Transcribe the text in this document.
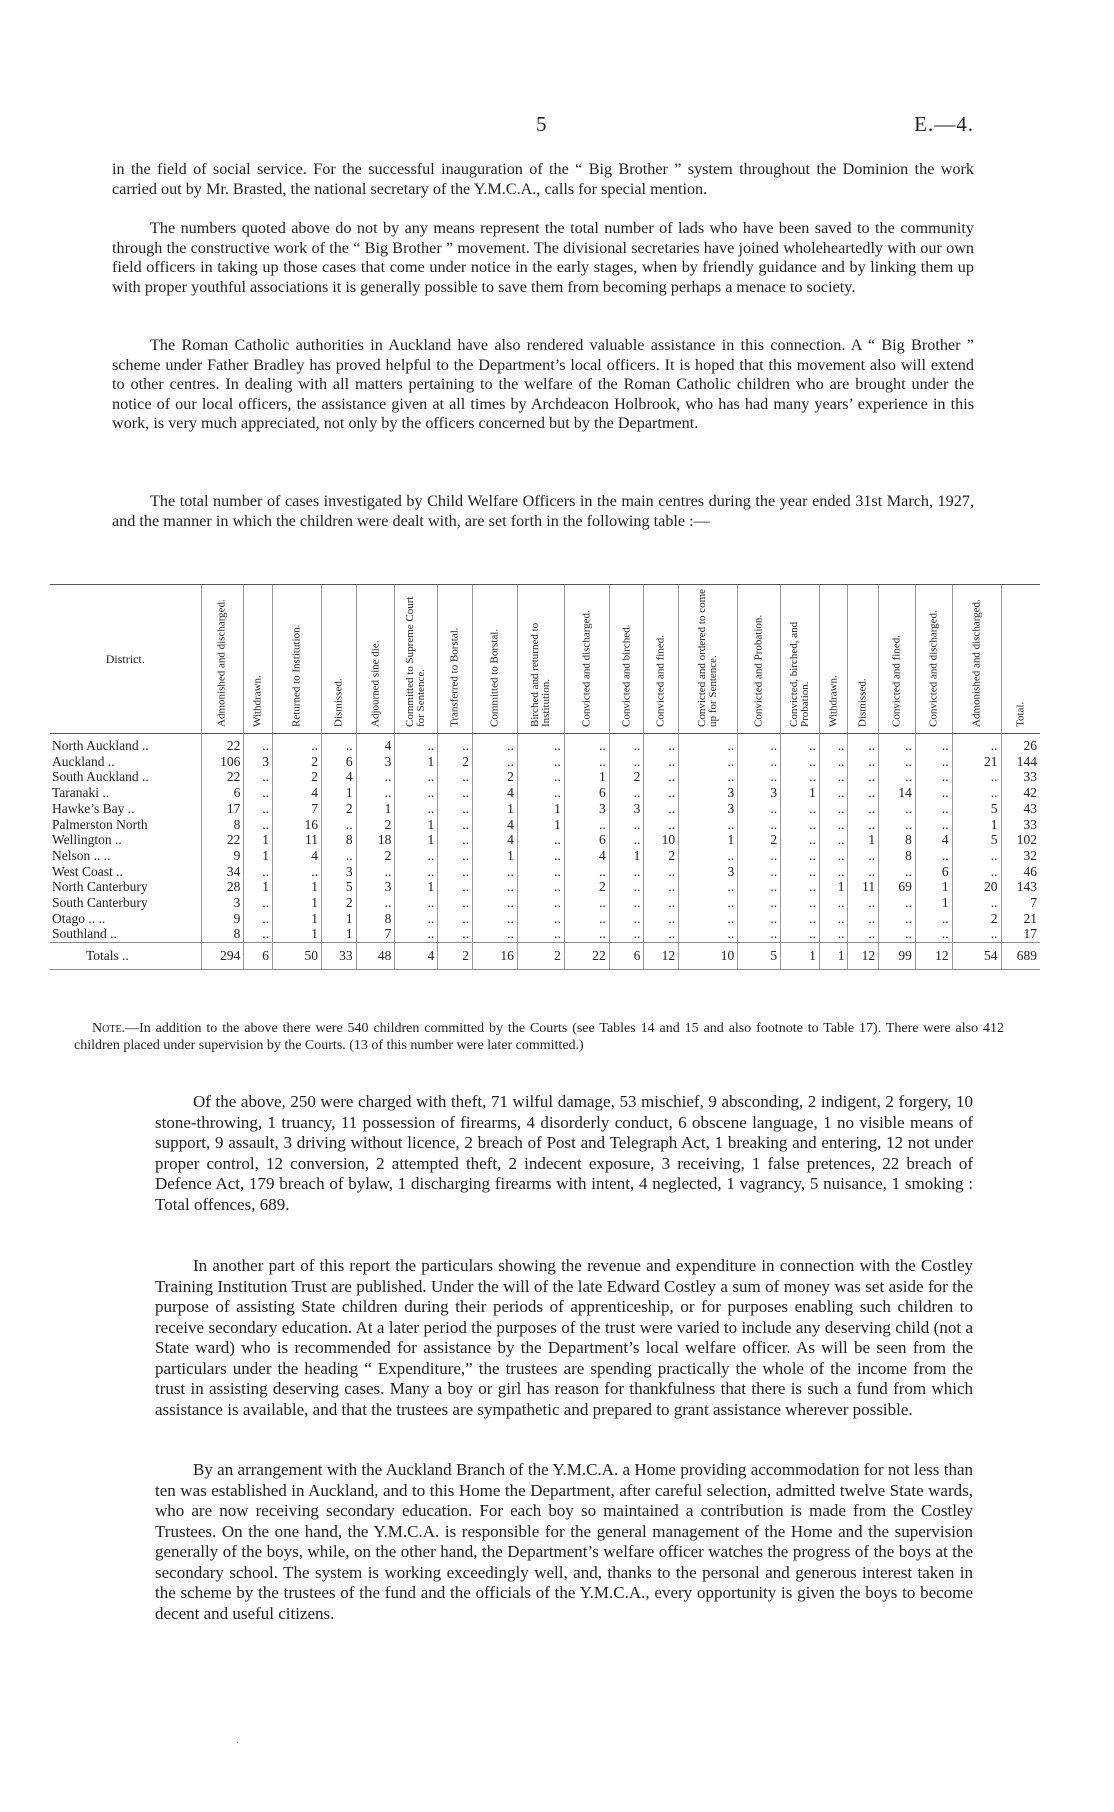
5	E.—4.

in the field of social service. For the successful inauguration of the “ Big Brother ” system throughout the Dominion the work carried out by Mr. Brasted, the national secretary of the Y.M.C.A., calls for special mention.

The numbers quoted above do not by any means represent the total number of lads who have been saved to the community through the constructive work of the “ Big Brother ” movement. The divisional secretaries have joined wholeheartedly with our own field officers in taking up those cases that come under notice in the early stages, when by friendly guidance and by linking them up with proper youthful associations it is generally possible to save them from becoming perhaps a menace to society.

The Roman Catholic authorities in Auckland have also rendered valuable assistance in this connection. A “ Big Brother ” scheme under Father Bradley has proved helpful to the Department’s local officers. It is hoped that this movement also will extend to other centres. In dealing with all matters pertaining to the welfare of the Roman Catholic children who are brought under the notice of our local officers, the assistance given at all times by Archdeacon Holbrook, who has had many years’ experience in this work, is very much appreciated, not only by the officers concerned but by the Department.

The total number of cases investigated by Child Welfare Officers in the main centres during the year ended 31st March, 1927, and the manner in which the children were dealt with, are set forth in the following table :—

District.	Admonished and discharged.	Withdrawn.	Returned to Institution.	Dismissed.	Adjourned sine die.	Committed to Supreme Court for Sentence.	Transferred to Borstal.	Committed to Borstal.	Birched and returned to Institution.	Convicted and discharged.	Convicted and birched.	Convicted and fined.	Convicted and ordered to come up for Sentence.	Convicted and Probation.	Convicted, birched, and Probation.	Withdrawn.	Dismissed.	Convicted and fined.	Convicted and discharged.	Admonished and discharged.	Total.

North Auckland ..	22	..	..	..	4	..	..	..	..	..	..	..	..	..	..	..	..	..	..	..	26
Auckland ..	106	3	2	6	3	1	2	..	..	..	..	..	..	..	..	..	..	..	..	21	144
South Auckland ..	22	..	2	4	..	..	..	2	..	1	2	..	..	..	..	..	..	..	..	..	33
Taranaki ..	6	..	4	1	..	..	..	4	..	6	..	..	3	3	1	..	..	14	..	..	42
Hawke’s Bay ..	17	..	7	2	1	..	..	1	1	3	3	..	3	..	..	..	..	..	..	5	43
Palmerston North	8	..	16	..	2	1	..	4	1	..	..	..	..	..	..	..	..	..	..	1	33
Wellington ..	22	1	11	8	18	1	..	4	..	6	..	10	1	2	..	..	1	8	4	5	102
Nelson .. ..	9	1	4	..	2	..	..	1	..	4	1	2	..	..	..	..	..	8	..	..	32
West Coast ..	34	..	..	3	..	..	..	..	..	..	..	..	3	..	..	..	..	..	6	..	46
North Canterbury	28	1	1	5	3	1	..	..	..	2	..	..	..	..	..	1	11	69	1	20	143
South Canterbury	3	..	1	2	..	..	..	..	..	..	..	..	..	..	..	..	..	..	1	..	7
Otago .. ..	9	..	1	1	8	..	..	..	..	..	..	..	..	..	..	..	..	..	..	2	21
Southland ..	8	..	1	1	7	..	..	..	..	..	..	..	..	..	..	..	..	..	..	..	17
Totals ..	294	6	50	33	48	4	2	16	2	22	6	12	10	5	1	1	12	99	12	54	689
Note.—In addition to the above there were 540 children committed by the Courts (see Tables 14 and 15 and also footnote to Table 17). There were also 412 children placed under supervision by the Courts. (13 of this number were later committed.)

Of the above, 250 were charged with theft, 71 wilful damage, 53 mischief, 9 absconding, 2 indigent, 2 forgery, 10 stone-throwing, 1 truancy, 11 possession of firearms, 4 disorderly conduct, 6 obscene language, 1 no visible means of support, 9 assault, 3 driving without licence, 2 breach of Post and Telegraph Act, 1 breaking and entering, 12 not under proper control, 12 conversion, 2 attempted theft, 2 indecent exposure, 3 receiving, 1 false pretences, 22 breach of Defence Act, 179 breach of bylaw, 1 discharging firearms with intent, 4 neglected, 1 vagrancy, 5 nuisance, 1 smoking : Total offences, 689.

In another part of this report the particulars showing the revenue and expenditure in connection with the Costley Training Institution Trust are published. Under the will of the late Edward Costley a sum of money was set aside for the purpose of assisting State children during their periods of apprenticeship, or for purposes enabling such children to receive secondary education. At a later period the purposes of the trust were varied to include any deserving child (not a State ward) who is recommended for assistance by the Department’s local welfare officer. As will be seen from the particulars under the heading “ Expenditure,” the trustees are spending practically the whole of the income from the trust in assisting deserving cases. Many a boy or girl has reason for thankfulness that there is such a fund from which assistance is available, and that the trustees are sympathetic and prepared to grant assistance wherever possible.

By an arrangement with the Auckland Branch of the Y.M.C.A. a Home providing accommodation for not less than ten was established in Auckland, and to this Home the Department, after careful selection, admitted twelve State wards, who are now receiving secondary education. For each boy so maintained a contribution is made from the Costley Trustees. On the one hand, the Y.M.C.A. is responsible for the general management of the Home and the supervision generally of the boys, while, on the other hand, the Department’s welfare officer watches the progress of the boys at the secondary school. The system is working exceedingly well, and, thanks to the personal and generous interest taken in the scheme by the trustees of the fund and the officials of the Y.M.C.A., every opportunity is given the boys to become decent and useful citizens.

·
